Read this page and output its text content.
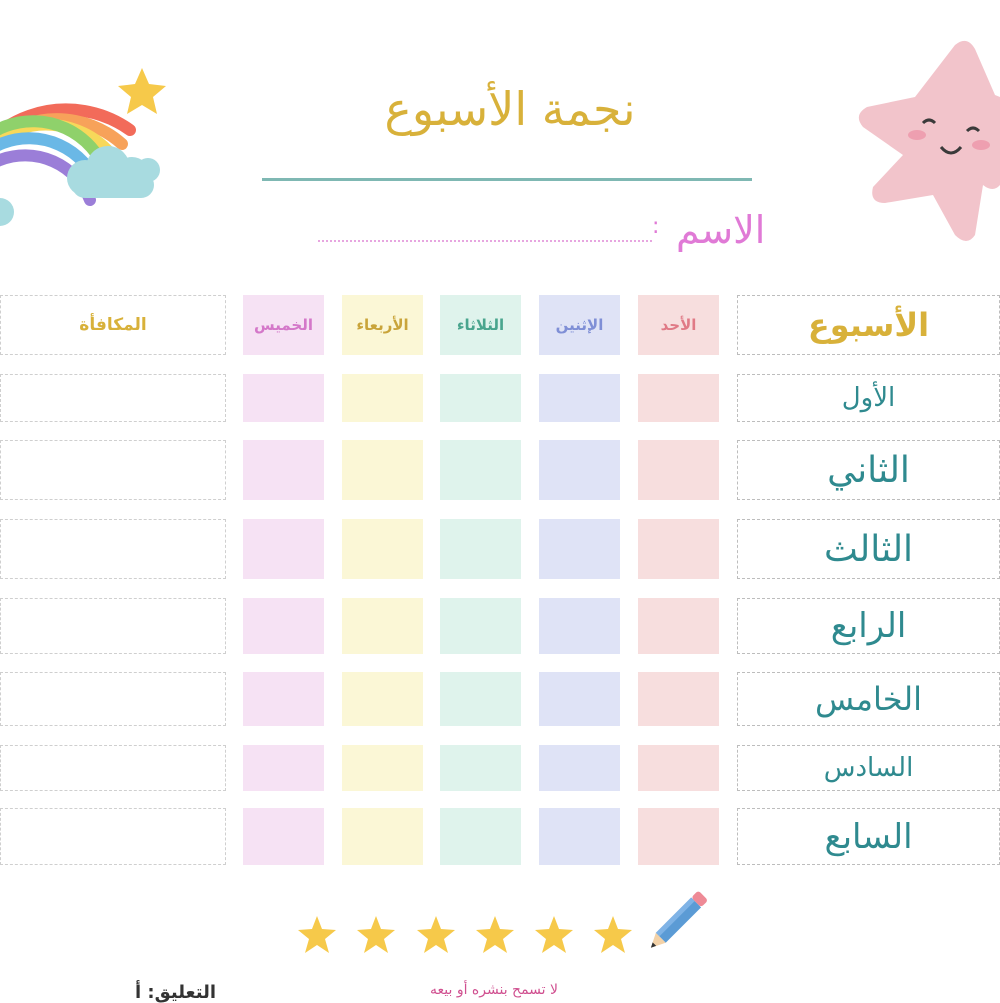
نجمة الأسبوع
الاسم
:
الأسبوع
الأحد
الإثنين
الثلاثاء
الأربعاء
الخميس
المكافأة
الأول
الثاني
الثالث
الرابع
الخامس
السادس
السابع
لا تسمح بنشره أو بيعه
التعليق: أ
